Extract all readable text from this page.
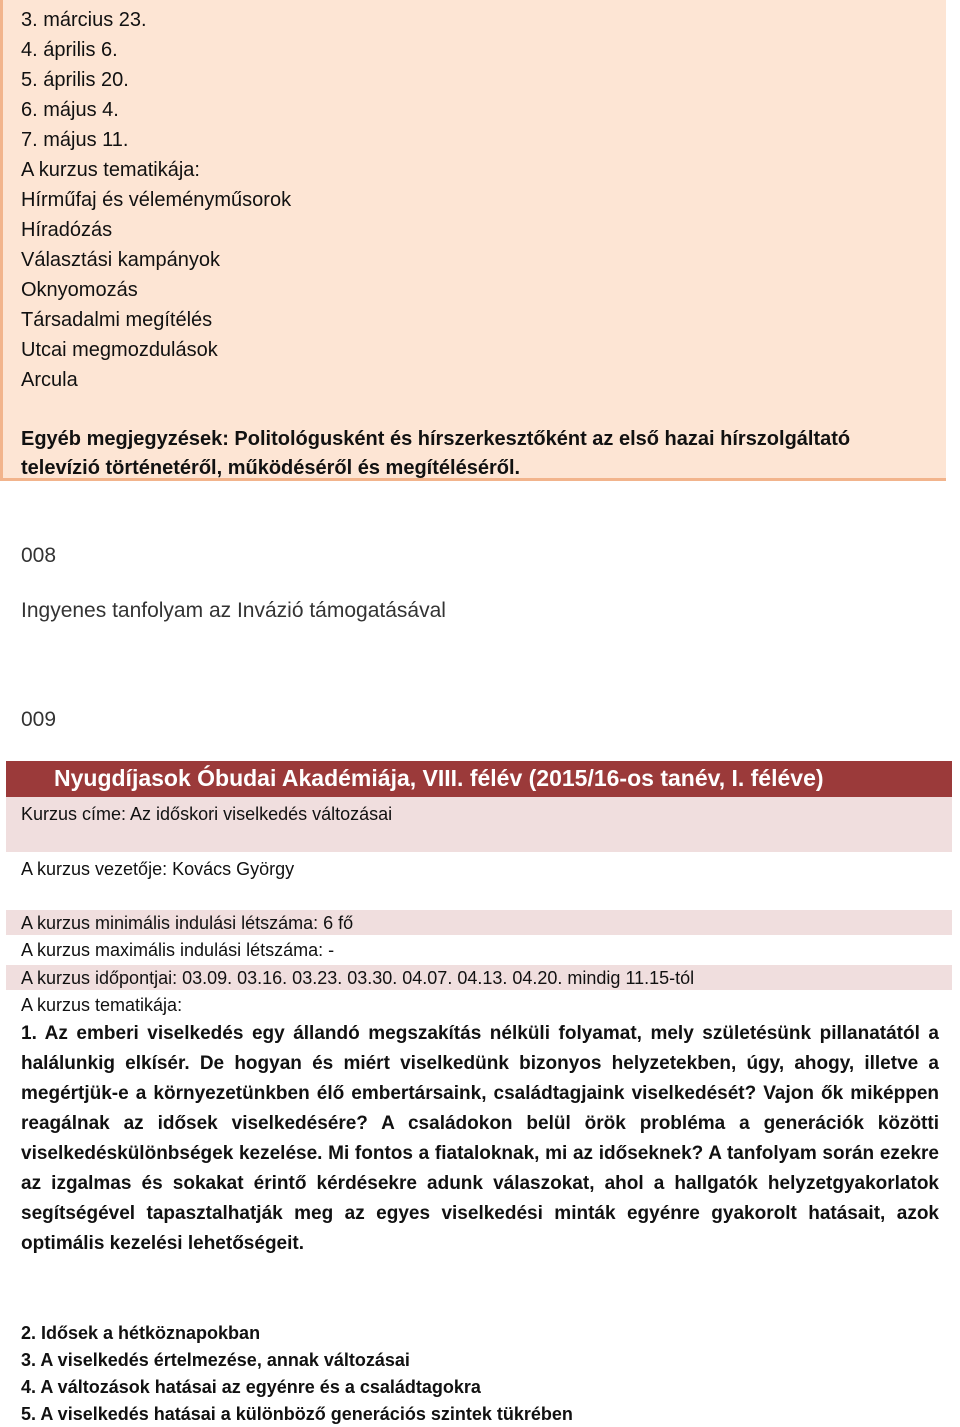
3. március 23.
4. április 6.
5. április 20.
6. május 4.
7. május 11.
A kurzus tematikája:
Hírműfaj és véleményműsorok
Híradózás
Választási kampányok
Oknyomozás
Társadalmi megítélés
Utcai megmozdulások
Arcula
Egyéb megjegyzések: Politológusként és hírszerkesztőként az első hazai hírszolgáltató
televízió történetéről, működéséről és megítéléséről.
008
Ingyenes tanfolyam az Invázió támogatásával
009
Nyugdíjasok Óbudai Akadémiája, VIII. félév (2015/16-os tanév, I. féléve)
Kurzus címe: Az időskori viselkedés változásai
A kurzus vezetője: Kovács György
A kurzus minimális indulási létszáma: 6 fő
A kurzus maximális indulási létszáma: -
A kurzus időpontjai: 03.09. 03.16. 03.23. 03.30. 04.07. 04.13. 04.20. mindig 11.15-tól
A kurzus tematikája:
1. Az emberi viselkedés egy állandó megszakítás nélküli folyamat, mely születésünk pillanatától a halálunkig elkísér. De hogyan és miért viselkedünk bizonyos helyzetekben, úgy, ahogy, illetve a megértjük-e a környezetünkben élő embertársaink, családtagjaink viselkedését? Vajon ők miképpen reagálnak az idősek viselkedésére? A családokon belül örök probléma a generációk közötti viselkedéskülönbségek kezelése. Mi fontos a fiataloknak, mi az időseknek? A tanfolyam során ezekre az izgalmas és sokakat érintő kérdésekre adunk válaszokat, ahol a hallgatók helyzetgyakorlatok segítségével tapasztalhatják meg az egyes viselkedési minták egyénre gyakorolt hatásait, azok optimális kezelési lehetőségeit.
2. Idősek a hétköznapokban
3. A viselkedés értelmezése, annak változásai
4. A változások hatásai az egyénre és a családtagokra
5. A viselkedés hatásai a különböző generációs szintek tükrében
